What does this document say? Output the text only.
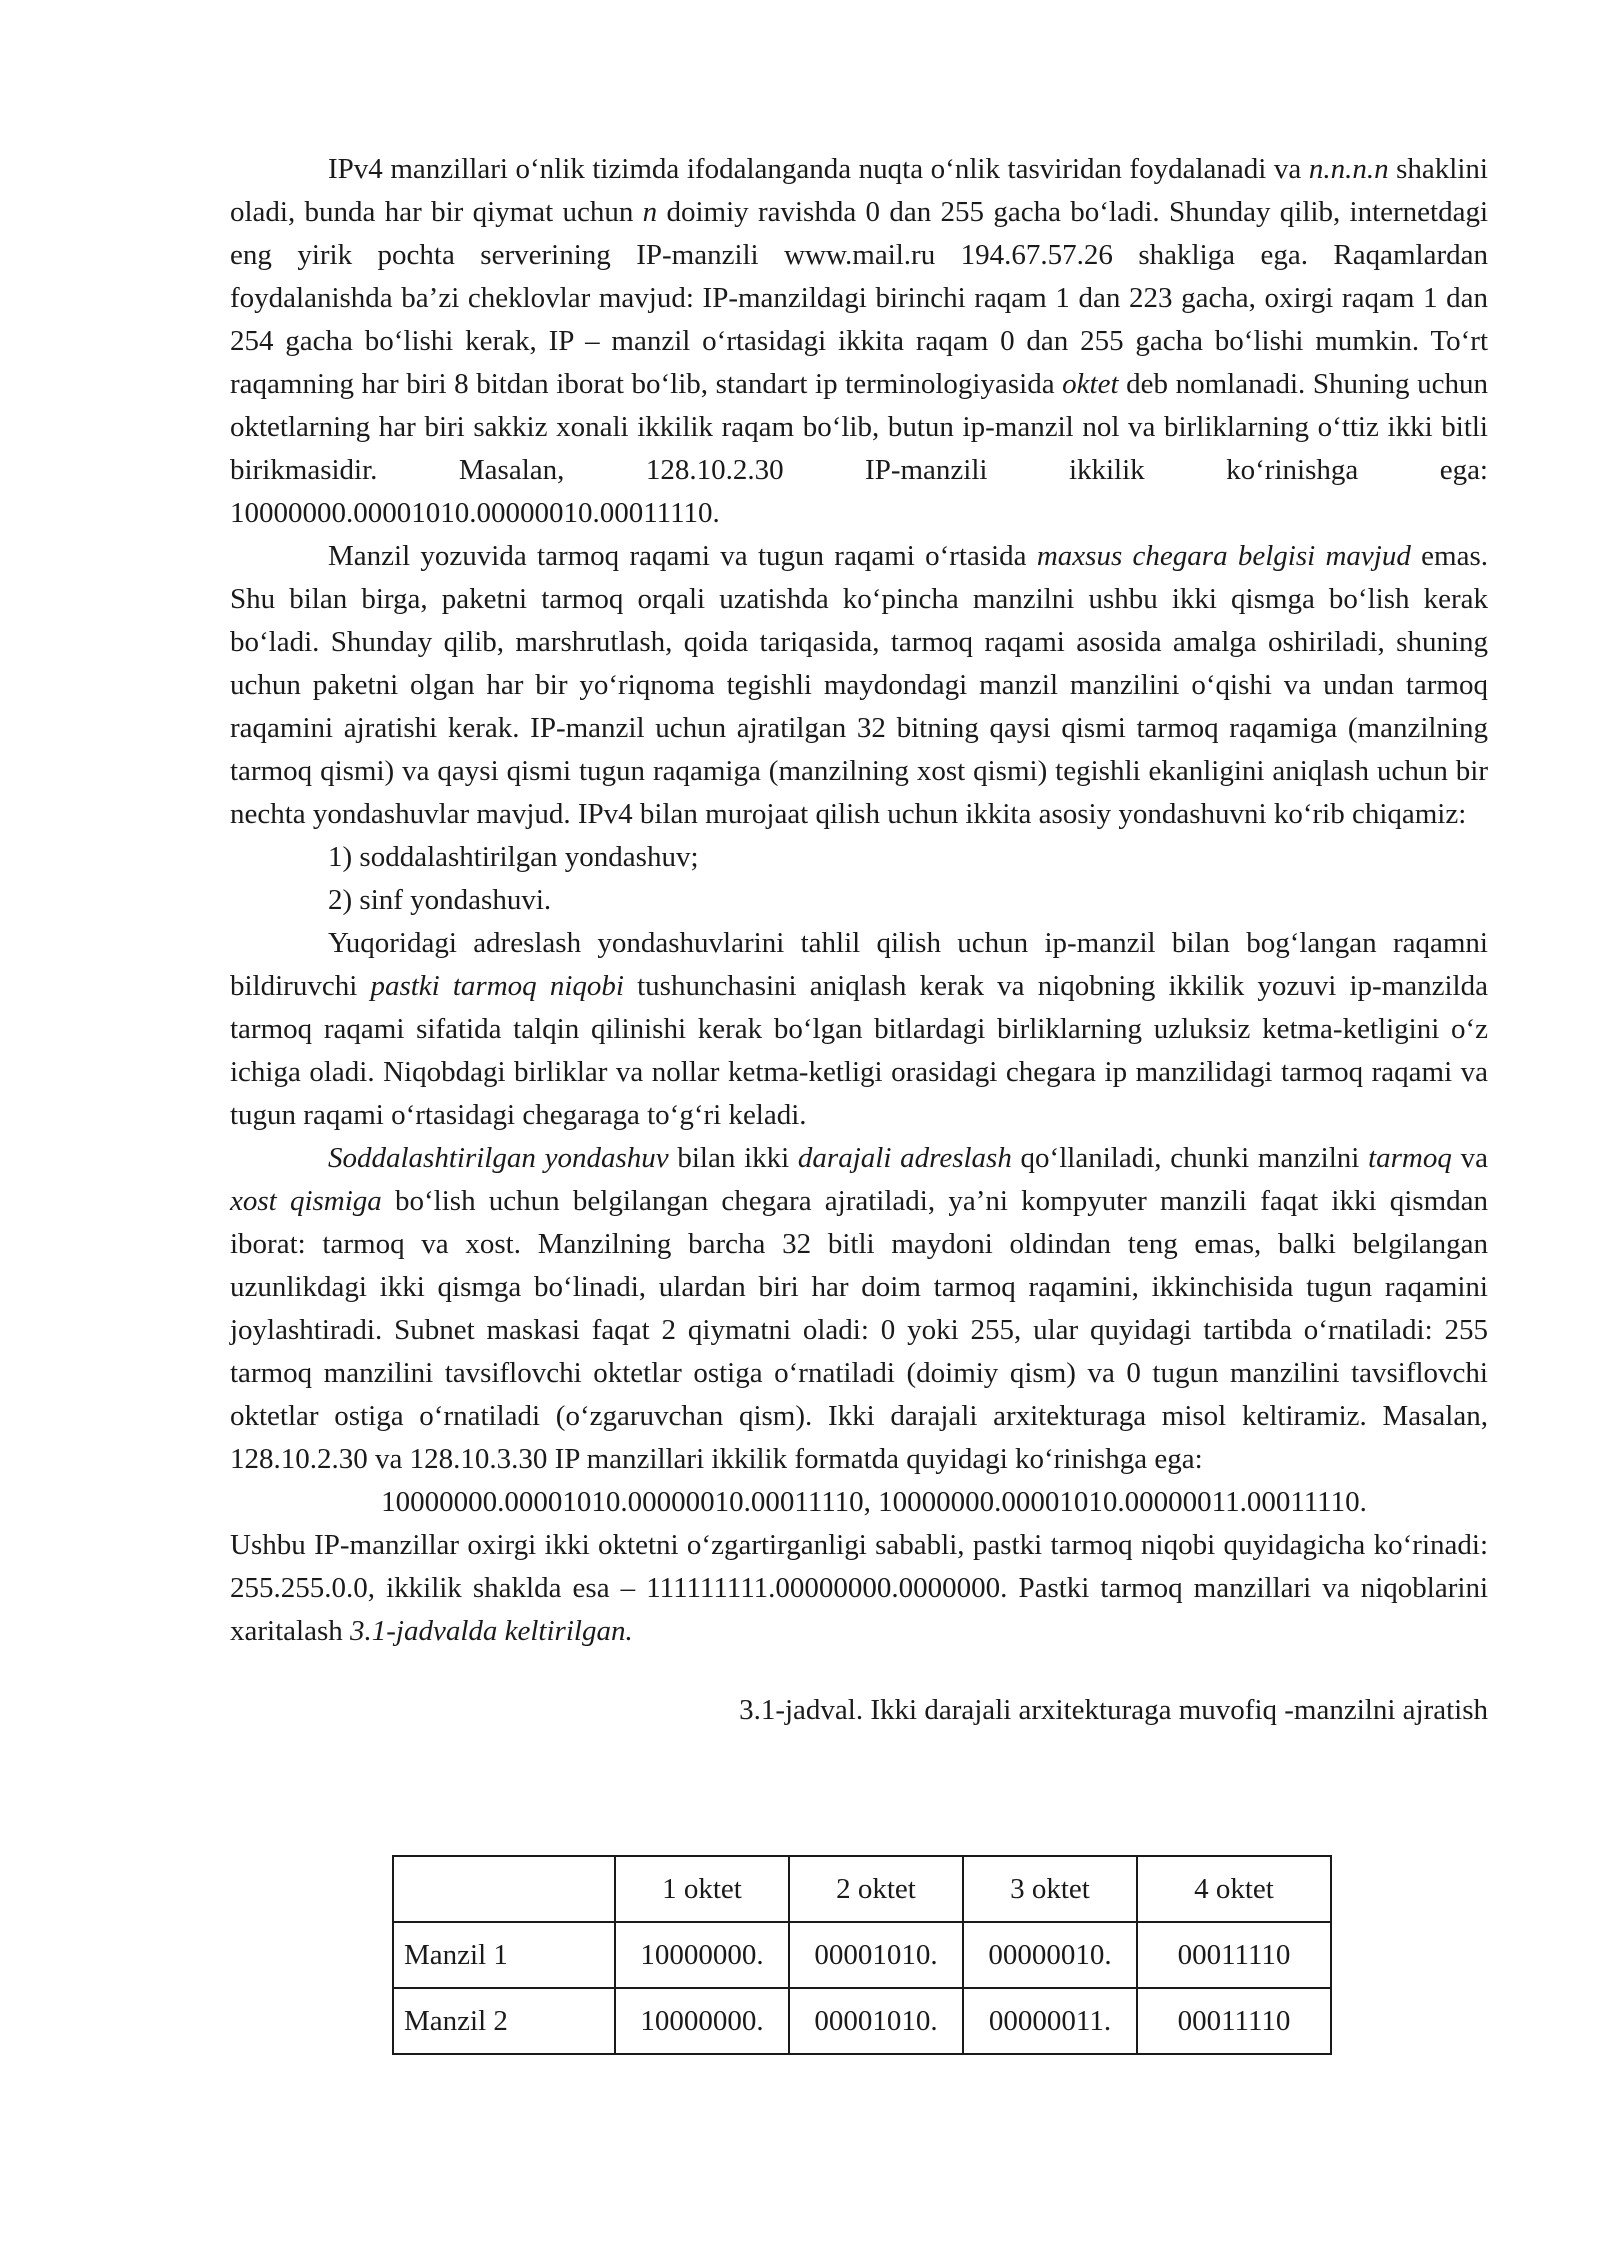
IPv4 manzillari oʻnlik tizimda ifodalanganda nuqta oʻnlik tasviridan foydalanadi va n.n.n.n shaklini oladi, bunda har bir qiymat uchun n doimiy ravishda 0 dan 255 gacha boʻladi. Shunday qilib, internetdagi eng yirik pochta serverining IP-manzili www.mail.ru 194.67.57.26 shakliga ega. Raqamlardan foydalanishda baʼzi cheklovlar mavjud: IP-manzildagi birinchi raqam 1 dan 223 gacha, oxirgi raqam 1 dan 254 gacha boʻlishi kerak, IP – manzil oʻrtasidagi ikkita raqam 0 dan 255 gacha boʻlishi mumkin. Toʻrt raqamning har biri 8 bitdan iborat boʻlib, standart ip terminologiyasida oktet deb nomlanadi. Shuning uchun oktetlarning har biri sakkiz xonali ikkilik raqam boʻlib, butun ip-manzil nol va birliklarning oʻttiz ikki bitli birikmasidir. Masalan, 128.10.2.30 IP-manzili ikkilik koʻrinishga ega: 10000000.00001010.00000010.00011110.

Manzil yozuvida tarmoq raqami va tugun raqami oʻrtasida maxsus chegara belgisi mavjud emas. Shu bilan birga, paketni tarmoq orqali uzatishda koʻpincha manzilni ushbu ikki qismga boʻlish kerak boʻladi. Shunday qilib, marshrutlash, qoida tariqasida, tarmoq raqami asosida amalga oshiriladi, shuning uchun paketni olgan har bir yoʻriqnoma tegishli maydondagi manzil manzilini oʻqishi va undan tarmoq raqamini ajratishi kerak. IP-manzil uchun ajratilgan 32 bitning qaysi qismi tarmoq raqamiga (manzilning tarmoq qismi) va qaysi qismi tugun raqamiga (manzilning xost qismi) tegishli ekanligini aniqlash uchun bir nechta yondashuvlar mavjud. IPv4 bilan murojaat qilish uchun ikkita asosiy yondashuvni koʻrib chiqamiz:

1) soddalashtirilgan yondashuv;

2) sinf yondashuvi.

Yuqoridagi adreslash yondashuvlarini tahlil qilish uchun ip-manzil bilan bogʻlangan raqamni bildiruvchi pastki tarmoq niqobi tushunchasini aniqlash kerak va niqobning ikkilik yozuvi ip-manzilda tarmoq raqami sifatida talqin qilinishi kerak boʻlgan bitlardagi birliklarning uzluksiz ketma-ketligini oʻz ichiga oladi. Niqobdagi birliklar va nollar ketma-ketligi orasidagi chegara ip manzilidagi tarmoq raqami va tugun raqami oʻrtasidagi chegaraga toʻgʻri keladi.

Soddalashtirilgan yondashuv bilan ikki darajali adreslash qoʻllaniladi, chunki manzilni tarmoq va xost qismiga boʻlish uchun belgilangan chegara ajratiladi, yaʼni kompyuter manzili faqat ikki qismdan iborat: tarmoq va xost. Manzilning barcha 32 bitli maydoni oldindan teng emas, balki belgilangan uzunlikdagi ikki qismga boʻlinadi, ulardan biri har doim tarmoq raqamini, ikkinchisida tugun raqamini joylashtiradi. Subnet maskasi faqat 2 qiymatni oladi: 0 yoki 255, ular quyidagi tartibda oʻrnatiladi: 255 tarmoq manzilini tavsiflovchi oktetlar ostiga oʻrnatiladi (doimiy qism) va 0 tugun manzilini tavsiflovchi oktetlar ostiga oʻrnatiladi (oʻzgaruvchan qism). Ikki darajali arxitekturaga misol keltiramiz. Masalan, 128.10.2.30 va 128.10.3.30 IP manzillari ikkilik formatda quyidagi koʻrinishga ega:

10000000.00001010.00000010.00011110, 10000000.00001010.00000011.00011110.

Ushbu IP-manzillar oxirgi ikki oktetni oʻzgartirganligi sababli, pastki tarmoq niqobi quyidagicha koʻrinadi: 255.255.0.0, ikkilik shaklda esa – 111111111.00000000.0000000. Pastki tarmoq manzillari va niqoblarini xaritalash 3.1-jadvalda keltirilgan.

3.1-jadval. Ikki darajali arxitekturaga muvofiq -manzilni ajratish

	1 oktet	2 oktet	3 oktet	4 oktet
Manzil 1	10000000.	00001010.	00000010.	00011110
Manzil 2	10000000.	00001010.	00000011.	00011110
